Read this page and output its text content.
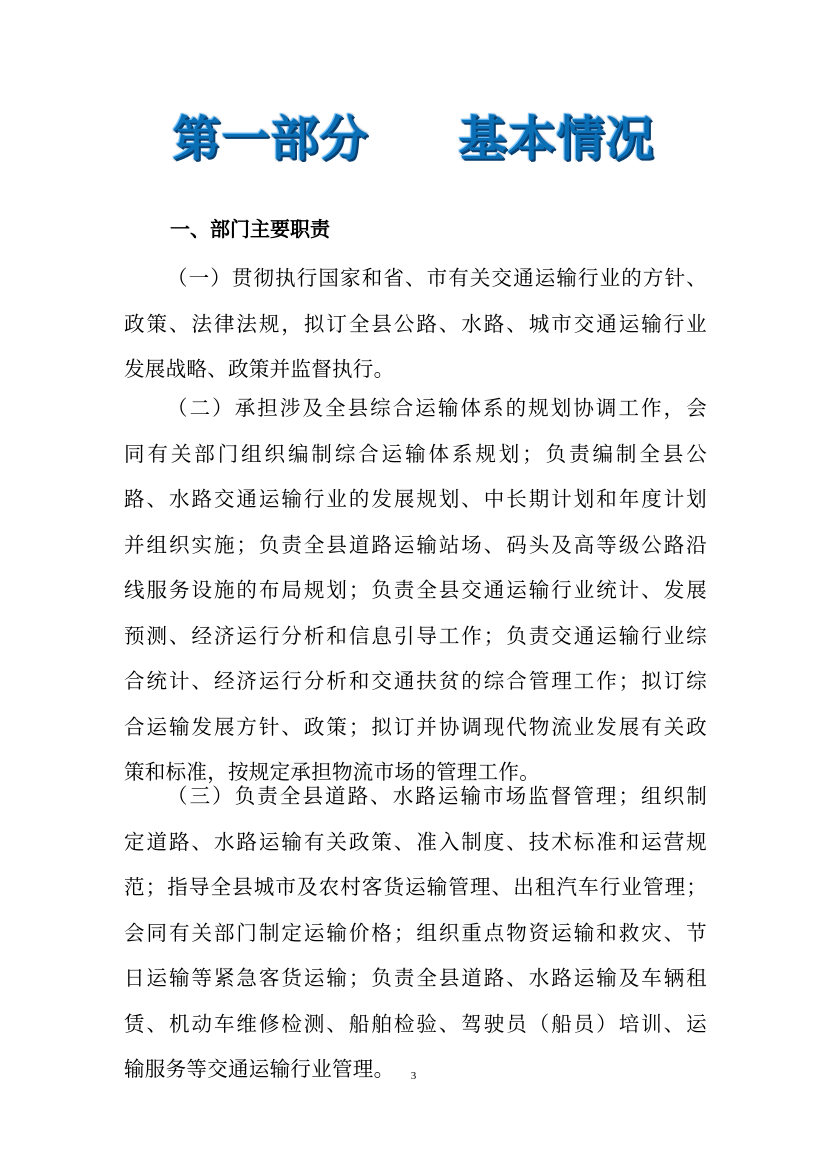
第一部分 基本情况
一、部门主要职责
（一）贯彻执行国家和省、市有关交通运输行业的方针、
政策、法律法规，拟订全县公路、水路、城市交通运输行业
发展战略、政策并监督执行。
（二）承担涉及全县综合运输体系的规划协调工作，会
同有关部门组织编制综合运输体系规划；负责编制全县公
路、水路交通运输行业的发展规划、中长期计划和年度计划
并组织实施；负责全县道路运输站场、码头及高等级公路沿
线服务设施的布局规划；负责全县交通运输行业统计、发展
预测、经济运行分析和信息引导工作；负责交通运输行业综
合统计、经济运行分析和交通扶贫的综合管理工作；拟订综
合运输发展方针、政策；拟订并协调现代物流业发展有关政
策和标准，按规定承担物流市场的管理工作。
（三）负责全县道路、水路运输市场监督管理；组织制
定道路、水路运输有关政策、准入制度、技术标准和运营规
范；指导全县城市及农村客货运输管理、出租汽车行业管理；
会同有关部门制定运输价格；组织重点物资运输和救灾、节
日运输等紧急客货运输；负责全县道路、水路运输及车辆租
赁、机动车维修检测、船舶检验、驾驶员（船员）培训、运
输服务等交通运输行业管理。	3
